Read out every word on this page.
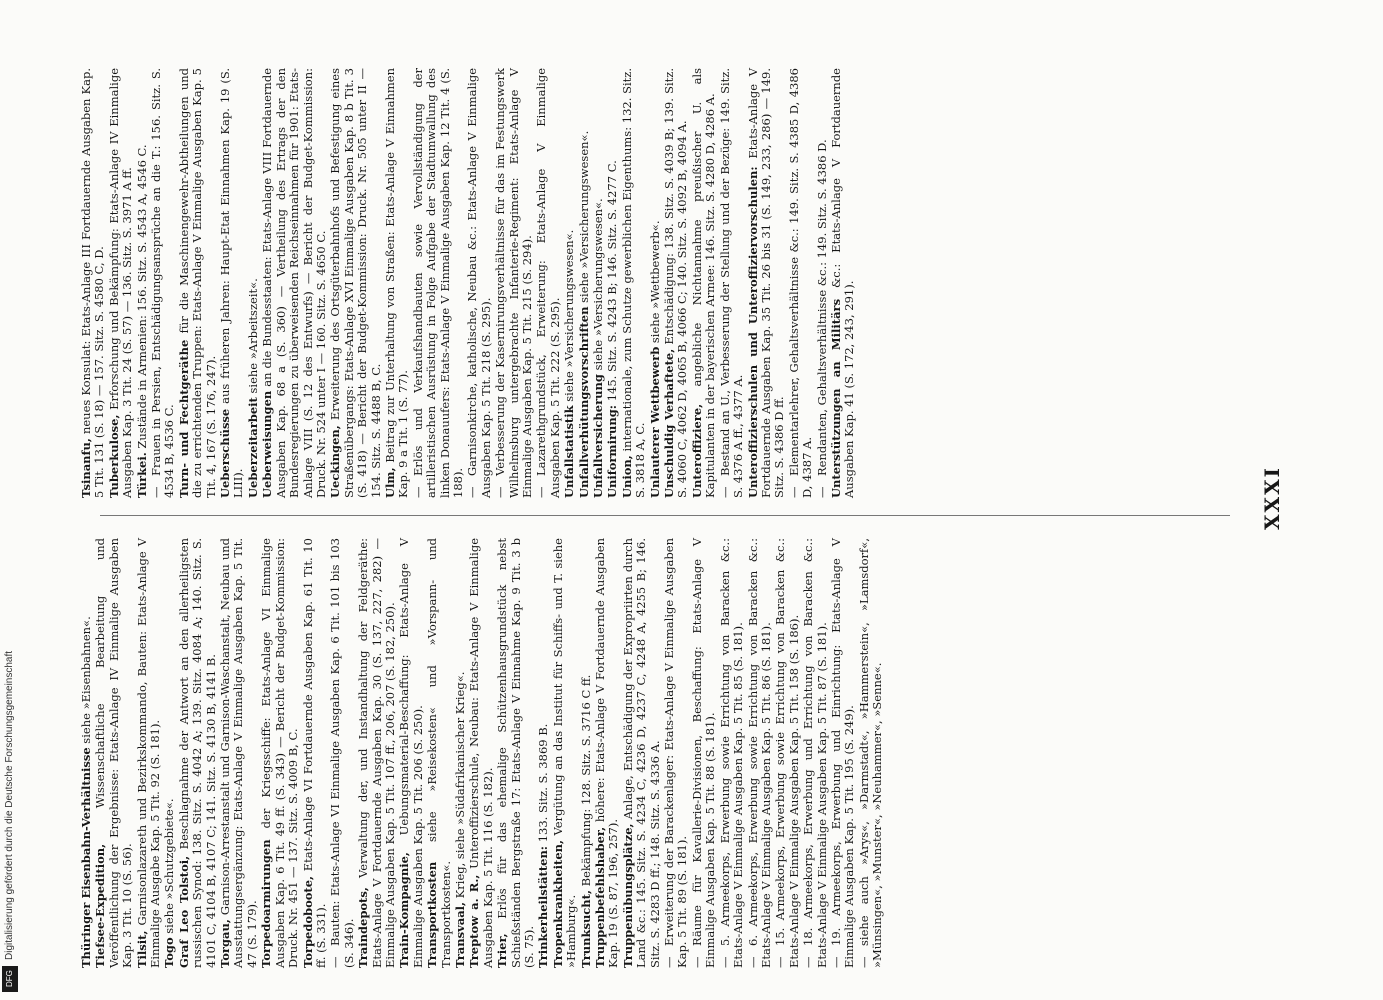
XXXI
Thüringer Eisenbahn-Verhältnisse siehe »Eisenbahnen«.
Tiefsee-Expedition, Wissenschaftliche Bearbeitung und Veröffentlichung der Ergebnisse: Etats-Anlage IV Einmalige Ausgaben Kap. 3 Tit. 10 (S. 56). Tilsit, Garnisonlazareth und Bezirkskommando, Bauten: Etats-Anlage V Einmalige Ausgabe Kap. 5 Tit. 92 (S. 181). Togo siehe »Schutzgebiete«. Graf Leo Tolstoi, Beschlagnahme der Antwort an den allerheiligsten russischen Synod: 138. Sitz. S. 4042 A; 139. Sitz. 4084 A; 140. Sitz. S. 4101 C, 4104 B, 4107 C; 141. Sitz. S. 4130 B, 4141 B. Torgau, Garnison-Arrestanstalt und Garnison-Waschanstalt, Neubau und Ausstattungsergänzung: Etats-Anlage V Einmalige Ausgaben Kap. 5 Tit. 47 (S. 179). Torpedoarmirungen der Kriegsschiffe: Etats-Anlage VI Einmalige Ausgaben Kap. 6 Tit. 49 ff. (S. 343) — Bericht der Budget-Kommission: Druck. Nr. 451 — 137. Sitz. S. 4009 B, C. Torpedoboote, Etats-Anlage VI Fortdauernde Ausgaben Kap. 61 Tit. 10 ff. (S. 331). —Bauten: Etats-Anlage VI Einmalige Ausgaben Kap. 6 Tit. 101 bis 103 (S. 346). Traindepots, Verwaltung der, und Instandhaltung der Feldgeräthe: Etats-Anlage V Fortdauernde Ausgaben Kap. 30 (S. 137, 227, 282) — Einmalige Ausgaben Kap. 5 Tit. 107 ff., 206, 207 (S. 182, 250). Train-Kompagnie, Uebungsmaterial-Beschaffung: Etats-Anlage V Einmalige Ausgaben Kap. 5 Tit. 206 (S. 250). Transportkosten siehe »Reisekosten« und »Vorspann- und Transportkosten«. Transvaal, Krieg, siehe »Südafrikanischer Krieg«.
Treptow a. R., Unteroffizierschule, Neubau: Etats-Anlage V Einmalige Ausgaben Kap. 5 Tit. 116 (S. 182). Trier, Erlös für das ehemalige Schützenhausgrundstück nebst Schießständen Bergstraße 17: Etats-Anlage V Einnahme Kap. 9 Tit. 3 b (S. 75). Trinkerheilstätten: 133. Sitz. S. 3869 B.
Tropenkrankheiten, Vergütung an das Institut für Schiffs- und T. siehe »Hamburg«. Trunksucht, Bekämpfung: 128. Sitz. S. 3716 C ff.
Truppenbefehlshaber, höhere: Etats-Anlage V Fortdauernde Ausgaben Kap. 19 (S. 87, 196, 257). Truppenübungsplätze, Anlage, Entschädigung der Expropriirten durch Land &c.: 145. Sitz. S. 4234 C, 4236 D, 4237 C, 4248 A, 4255 B; 146. Sitz. S. 4283 D ff.; 148. Sitz. S. 4336 A. —Erweiterung der Barackenlager: Etats-Anlage V Einmalige Ausgaben Kap. 5 Tit. 89 (S. 181). —Räume für Kavallerie-Divisionen, Beschaffung: Etats-Anlage V Einmalige Ausgaben Kap. 5 Tit. 88 (S. 181). —5. Armeekorps, Erwerbung sowie Errichtung von Baracken &c.: Etats-Anlage V Einmalige Ausgaben Kap. 5 Tit. 85 (S. 181). —6. Armeekorps, Erwerbung sowie Errichtung von Baracken &c.: Etats-Anlage V Einmalige Ausgaben Kap. 5 Tit. 86 (S. 181). —15. Armeekorps, Erwerbung sowie Errichtung von Baracken &c.: Etats-Anlage V Einmalige Ausgaben Kap. 5 Tit. 158 (S. 186). —18. Armeekorps, Erwerbung und Errichtung von Baracken &c.: Etats-Anlage V Einmalige Ausgaben Kap. 5 Tit. 87 (S. 181). —19. Armeekorps, Erwerbung und Einrichtung: Etats-Anlage V Einmalige Ausgaben Kap. 5 Tit. 195 (S. 249). —siehe auch »Arys«, »Darmstadt«, »Hammerstein«, »Lamsdorf«, »Münsingen«, »Munster«, »Neuhammer«, »Senne«.
Tsinanfu, neues Konsulat: Etats-Anlage III Fortdauernde Ausgaben Kap. 5 Tit. 131 (S. 18) — 157. Sitz. S. 4580 C, D. Tuberkulose, Erforschung und Bekämpfung: Etats-Anlage IV Einmalige Ausgaben Kap. 3 Tit. 24 (S. 57) — 136. Sitz. S. 3971 A ff. Türkei. Zustände in Armenien: 156. Sitz. S. 4543 A, 4546 C.
—Frauen in Persien, Entschädigungsansprüche an die T.: 156. Sitz. S. 4534 B, 4536 C. Turn- und Fechtgeräthe für die Maschinengewehr-Abtheilungen und die zu errichtenden Truppen: Etats-Anlage V Einmalige Ausgaben Kap. 5 Tit. 4, 167 (S. 176, 247). Ueberschüsse aus früheren Jahren: Haupt-Etat Einnahmen Kap. 19 (S. LIII). Ueberzeitarbeit siehe »Arbeitszeit«.
Ueberweisungen an die Bundesstaaten: Etats-Anlage VIII Fortdauernde Ausgaben Kap. 68 a (S. 360) — Vertheilung des Ertrags der den Bundesregierungen zu überweisenden Reichseinnahmen für 1901: Etats-Anlage VIII (S. 12 des Entwurfs) — Bericht der Budget-Kommission: Druck. Nr. 524 unter I — 160. Sitz. S. 4650 C. Ueckingen, Erweiterung des Ortsgüterbahnhofs und Befestigung eines Straßenübergangs: Etats-Anlage XVI Einmalige Ausgaben Kap. 8 b Tit. 3 (S. 418) — Bericht der Budget-Kommission: Druck. Nr. 505 unter II — 154. Sitz. S. 4488 B, C. Ulm, Beitrag zur Unterhaltung von Straßen: Etats-Anlage V Einnahmen Kap. 9 a Tit. 1 (S. 77). —Erlös und Verkaufshandbauten sowie Vervollständigung der artilleristischen Ausrüstung in Folge Aufgabe der Stadtumwallung des linken Donauufers: Etats-Anlage V Einmalige Ausgaben Kap. 12 Tit. 4 (S. 188). —Garnisonkirche, katholische, Neubau &c.: Etats-Anlage V Einmalige Ausgaben Kap. 5 Tit. 218 (S. 295). —Verbesserung der Kasernirungsverhältnisse für das im Festungswerk Wilhelmsburg untergebrachte Infanterie-Regiment: Etats-Anlage V Einmalige Ausgaben Kap. 5 Tit. 215 (S. 294). —Lazarethgrundstück, Erweiterung: Etats-Anlage V Einmalige Ausgaben Kap. 5 Tit. 222 (S. 295). Unfallstatistik siehe »Versicherungswesen«. Unfallverhütungsvorschriften siehe »Versicherungswesen«.
Unfallversicherung siehe »Versicherungswesen«.
Uniformirung: 145. Sitz. S. 4243 B; 146. Sitz. S. 4277 C.
Union, internationale, zum Schutze gewerblichen Eigenthums: 132. Sitz. S. 3818 A, C. Unlauterer Wettbewerb siehe »Wettbewerb«.
Unschuldig Verhaftete, Entschädigung: 138. Sitz. S. 4039 B; 139. Sitz. S. 4060 C, 4062 D, 4065 B, 4066 C; 140. Sitz. S. 4092 B, 4094 A. Unteroffiziere, angebliche Nichtannahme preußischer U. als Kapitulanten in der bayerischen Armee: 146. Sitz. S. 4280 D, 4286 A. —Bestand an U., Verbesserung der Stellung und der Bezüge: 149. Sitz. S. 4376 A ff., 4377 A. Unteroffizierschulen und Unteroffiziervorschulen: Etats-Anlage V Fortdauernde Ausgaben Kap. 35 Tit. 26 bis 31 (S. 149, 233, 286) — 149. Sitz. S. 4386 D ff. —Elementarlehrer, Gehaltsverhältnisse &c.: 149. Sitz. S. 4385 D, 4386 D, 4387 A. —Rendanten, Gehaltsverhältnisse &c.: 149. Sitz. S. 4386 D. Unterstützungen an Militärs &c.: Etats-Anlage V Fortdauernde Ausgaben Kap. 41 (S. 172, 243, 291).
Digitalisierung gefördert durch die Deutsche Forschungsgemeinschaft
DFG
